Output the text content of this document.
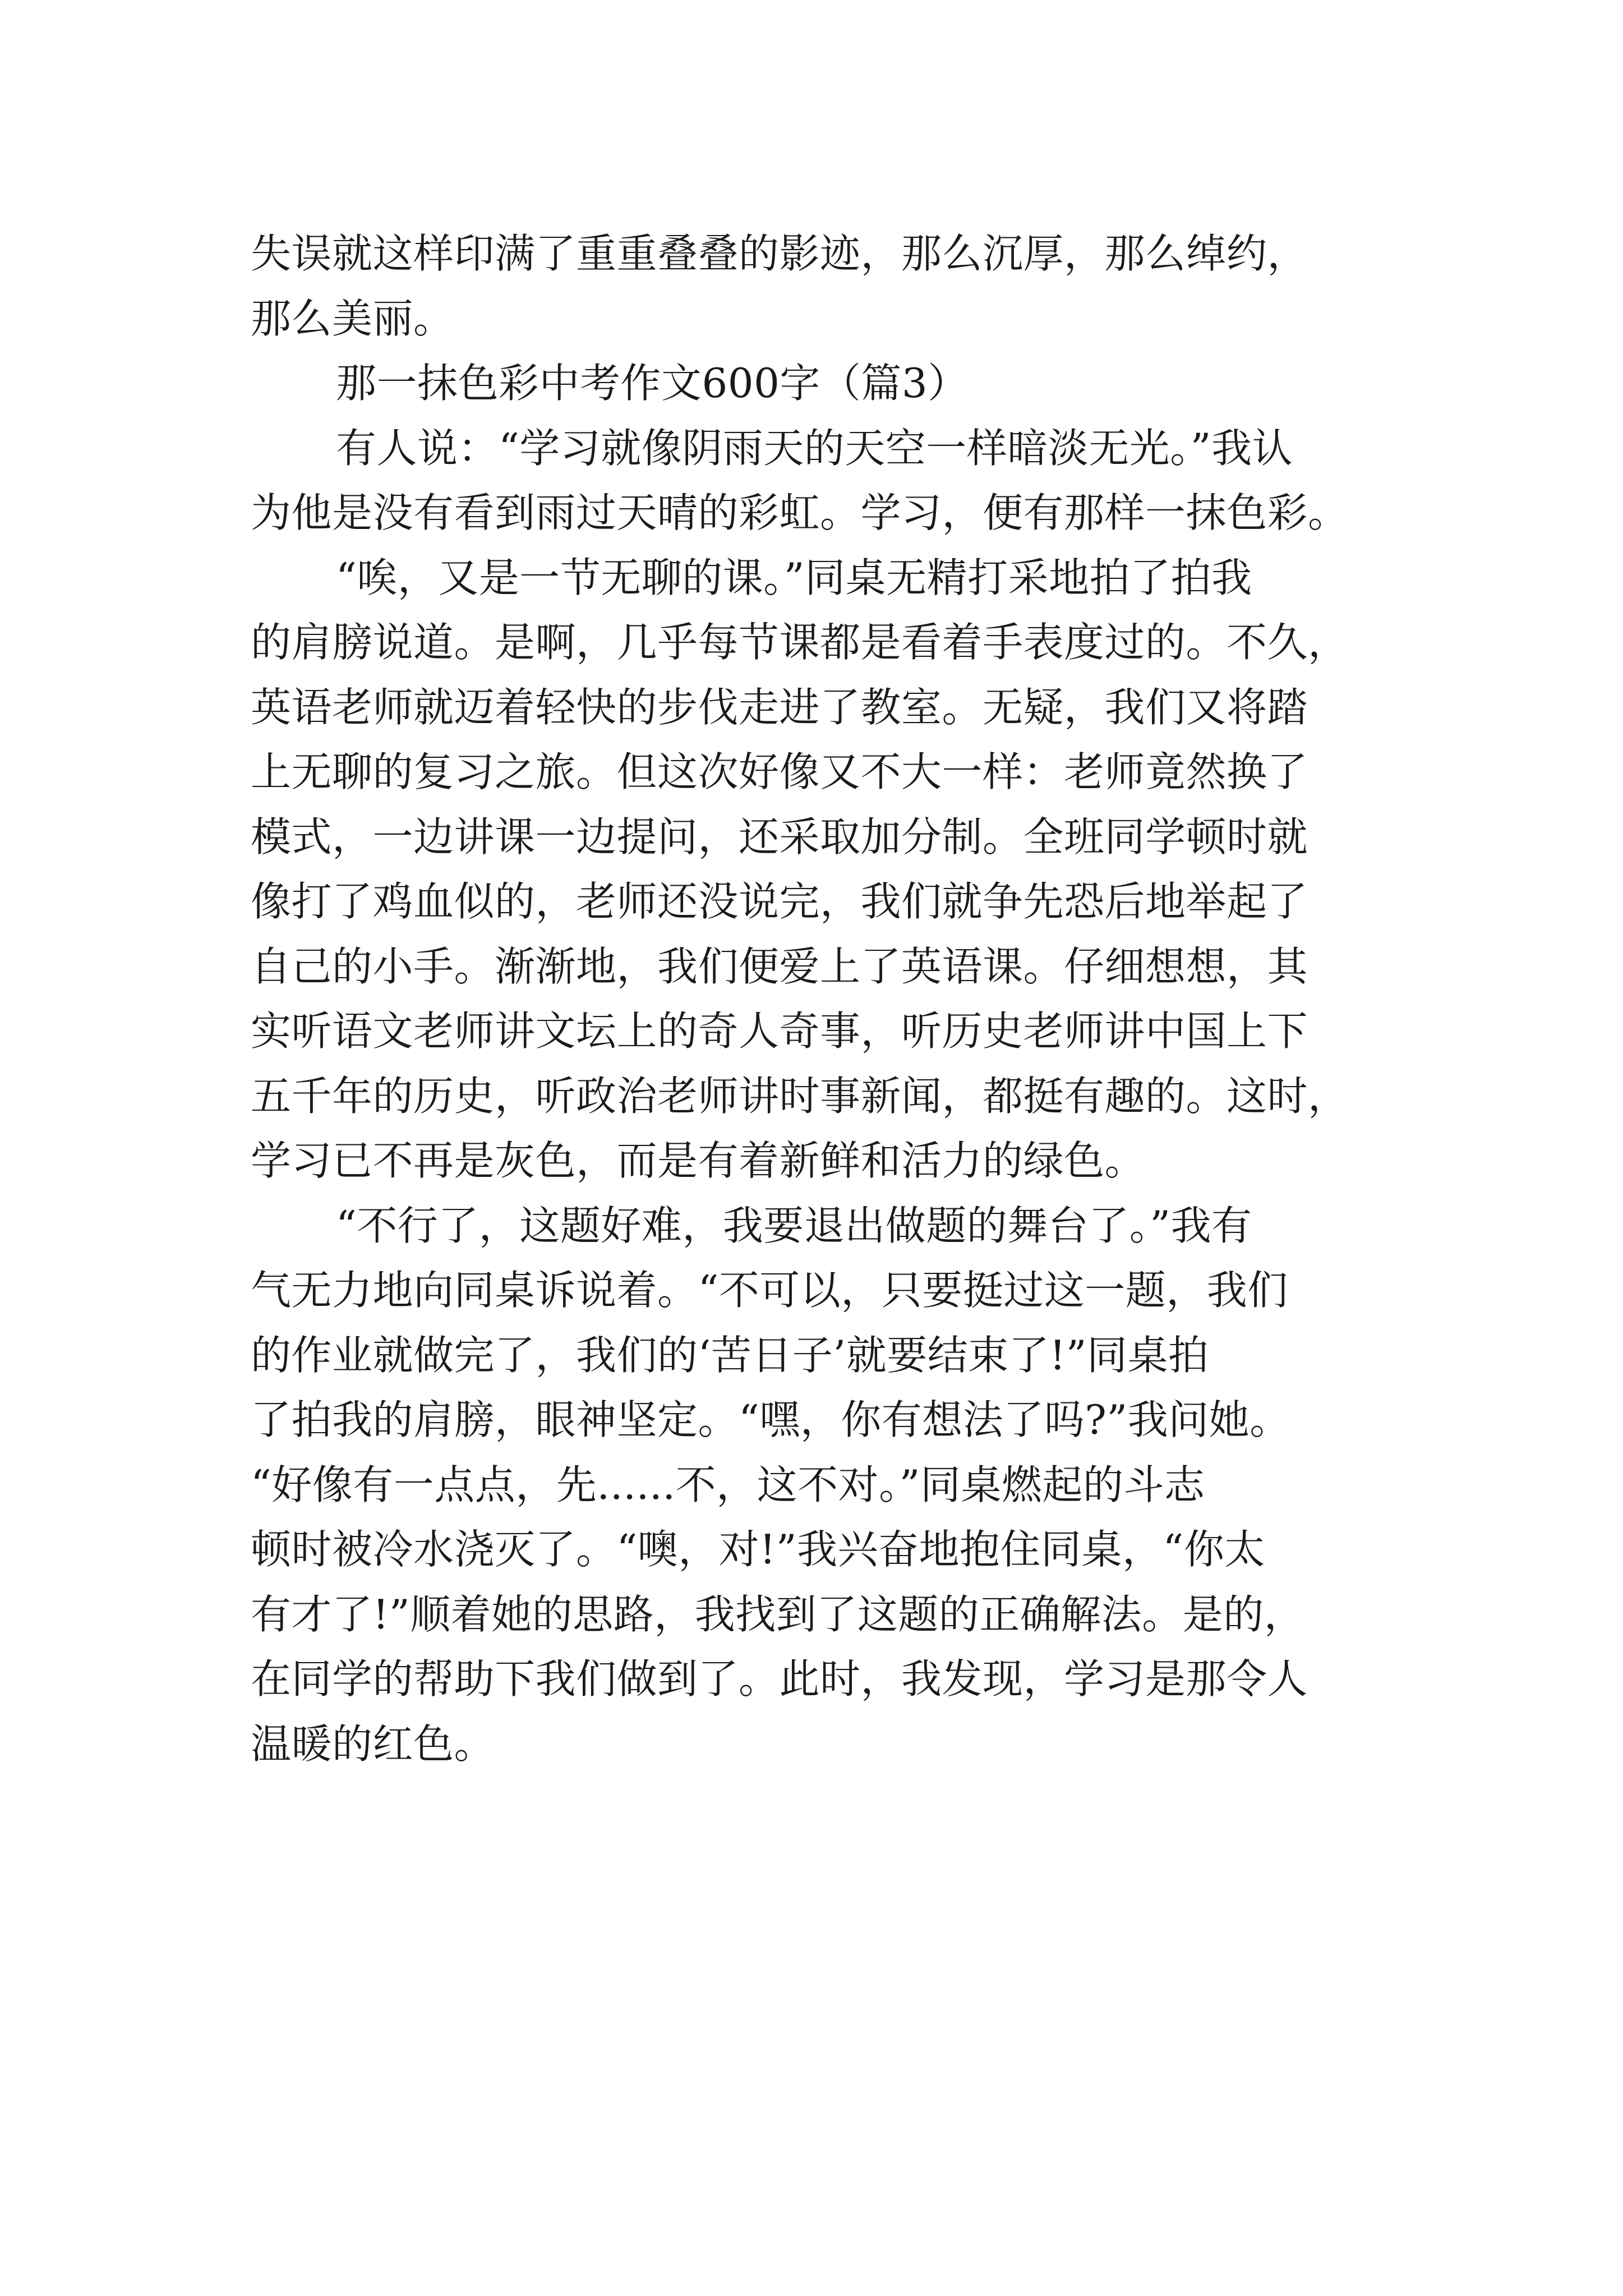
失误就这样印满了重重叠叠的影迹，那么沉厚，那么绰约，
那么美丽。
那一抹色彩中考作文600字（篇3）
有人说：“学习就像阴雨天的天空一样暗淡无光。”我认
为他是没有看到雨过天晴的彩虹。学习，便有那样一抹色彩。
“唉，又是一节无聊的课。”同桌无精打采地拍了拍我
的肩膀说道。是啊，几乎每节课都是看着手表度过的。不久，
英语老师就迈着轻快的步伐走进了教室。无疑，我们又将踏
上无聊的复习之旅。但这次好像又不大一样：老师竟然换了
模式，一边讲课一边提问，还采取加分制。全班同学顿时就
像打了鸡血似的，老师还没说完，我们就争先恐后地举起了
自己的小手。渐渐地，我们便爱上了英语课。仔细想想，其
实听语文老师讲文坛上的奇人奇事，听历史老师讲中国上下
五千年的历史，听政治老师讲时事新闻，都挺有趣的。这时，
学习已不再是灰色，而是有着新鲜和活力的绿色。
“不行了，这题好难，我要退出做题的舞台了。”我有
气无力地向同桌诉说着。“不可以，只要挺过这一题，我们
的作业就做完了，我们的‘苦日子’就要结束了!”同桌拍
了拍我的肩膀，眼神坚定。“嘿，你有想法了吗?”我问她。
“好像有一点点，先......不，这不对。”同桌燃起的斗志
顿时被冷水浇灭了。“噢，对!”我兴奋地抱住同桌，“你太
有才了!”顺着她的思路，我找到了这题的正确解法。是的，
在同学的帮助下我们做到了。此时，我发现，学习是那令人
温暖的红色。
